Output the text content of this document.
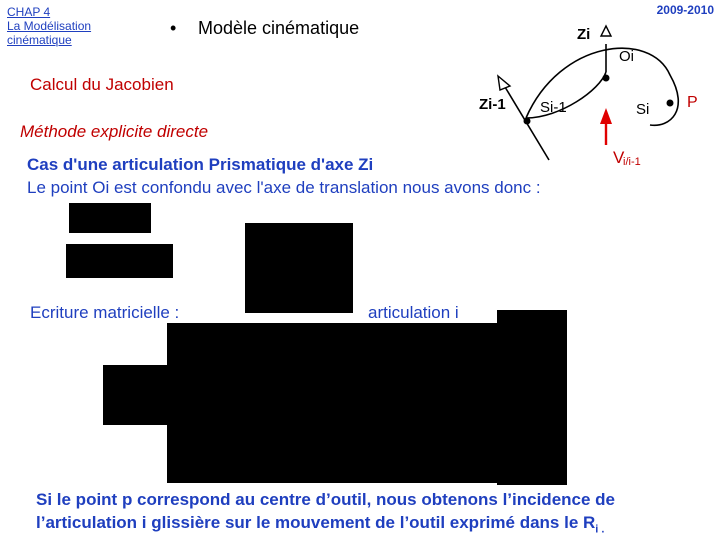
CHAP 4
La Modélisation
cinématique
2009-2010
• Modèle cinématique
Calcul du Jacobien
Méthode explicite directe
Cas d'une articulation Prismatique d'axe Zi
Le point Oi est confondu avec l'axe de translation nous avons donc :
Ecriture matricielle :	articulation i
Si le point p correspond au centre d’outil, nous obtenons l’incidence de l’articulation i glissière sur le mouvement de l’outil exprimé dans le $R_{i .}$
Zi
Oi
Zi-1 Si-1	Si P
V
i/i-1
